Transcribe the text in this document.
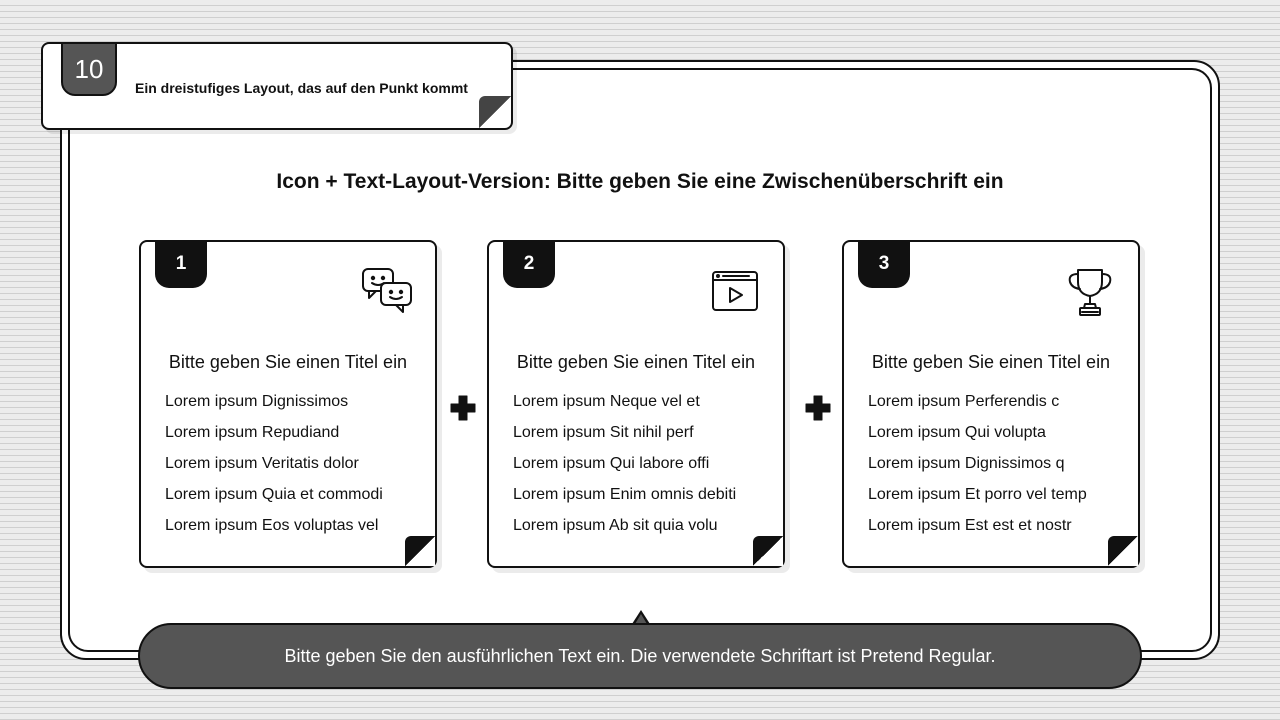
10
Ein dreistufiges Layout, das auf den Punkt kommt
Icon + Text-Layout-Version: Bitte geben Sie eine Zwischenüberschrift ein
1
Bitte geben Sie einen Titel ein
Lorem ipsum Dignissimos
Lorem ipsum Repudiand
Lorem ipsum Veritatis dolor
Lorem ipsum Quia et commodi
Lorem ipsum Eos voluptas vel
2
Bitte geben Sie einen Titel ein
Lorem ipsum Neque vel et
Lorem ipsum Sit nihil perf
Lorem ipsum Qui labore offi
Lorem ipsum Enim omnis debiti
Lorem ipsum Ab sit quia volu
3
Bitte geben Sie einen Titel ein
Lorem ipsum Perferendis c
Lorem ipsum Qui volupta
Lorem ipsum Dignissimos q
Lorem ipsum Et porro vel temp
Lorem ipsum Est est et nostr
Bitte geben Sie den ausführlichen Text ein. Die verwendete Schriftart ist Pretend Regular.
